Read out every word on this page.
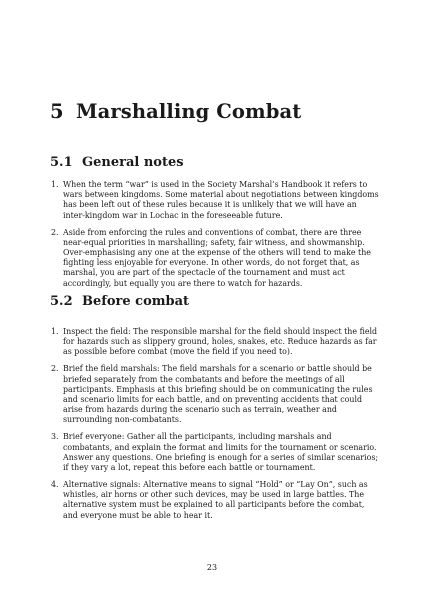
5 Marshalling Combat
5.1 General notes
1. When the term “war” is used in the Society Marshal’s Handbook it refers to wars between kingdoms. Some material about negotiations between kingdoms has been left out of these rules because it is unlikely that we will have an inter-kingdom war in Lochac in the foreseeable future.
2. Aside from enforcing the rules and conventions of combat, there are three near-equal priorities in marshalling; safety, fair witness, and showmanship. Over-emphasising any one at the expense of the others will tend to make the fighting less enjoyable for everyone. In other words, do not forget that, as marshal, you are part of the spectacle of the tournament and must act accordingly, but equally you are there to watch for hazards.
5.2 Before combat
1. Inspect the field: The responsible marshal for the field should inspect the field for hazards such as slippery ground, holes, snakes, etc. Reduce hazards as far as possible before combat (move the field if you need to).
2. Brief the field marshals: The field marshals for a scenario or battle should be briefed separately from the combatants and before the meetings of all participants. Emphasis at this briefing should be on communicating the rules and scenario limits for each battle, and on preventing accidents that could arise from hazards during the scenario such as terrain, weather and surrounding non-combatants.
3. Brief everyone: Gather all the participants, including marshals and combatants, and explain the format and limits for the tournament or scenario. Answer any questions. One briefing is enough for a series of similar scenarios; if they vary a lot, repeat this before each battle or tournament.
4. Alternative signals: Alternative means to signal “Hold” or “Lay On”, such as whistles, air horns or other such devices, may be used in large battles. The alternative system must be explained to all participants before the combat, and everyone must be able to hear it.
23
